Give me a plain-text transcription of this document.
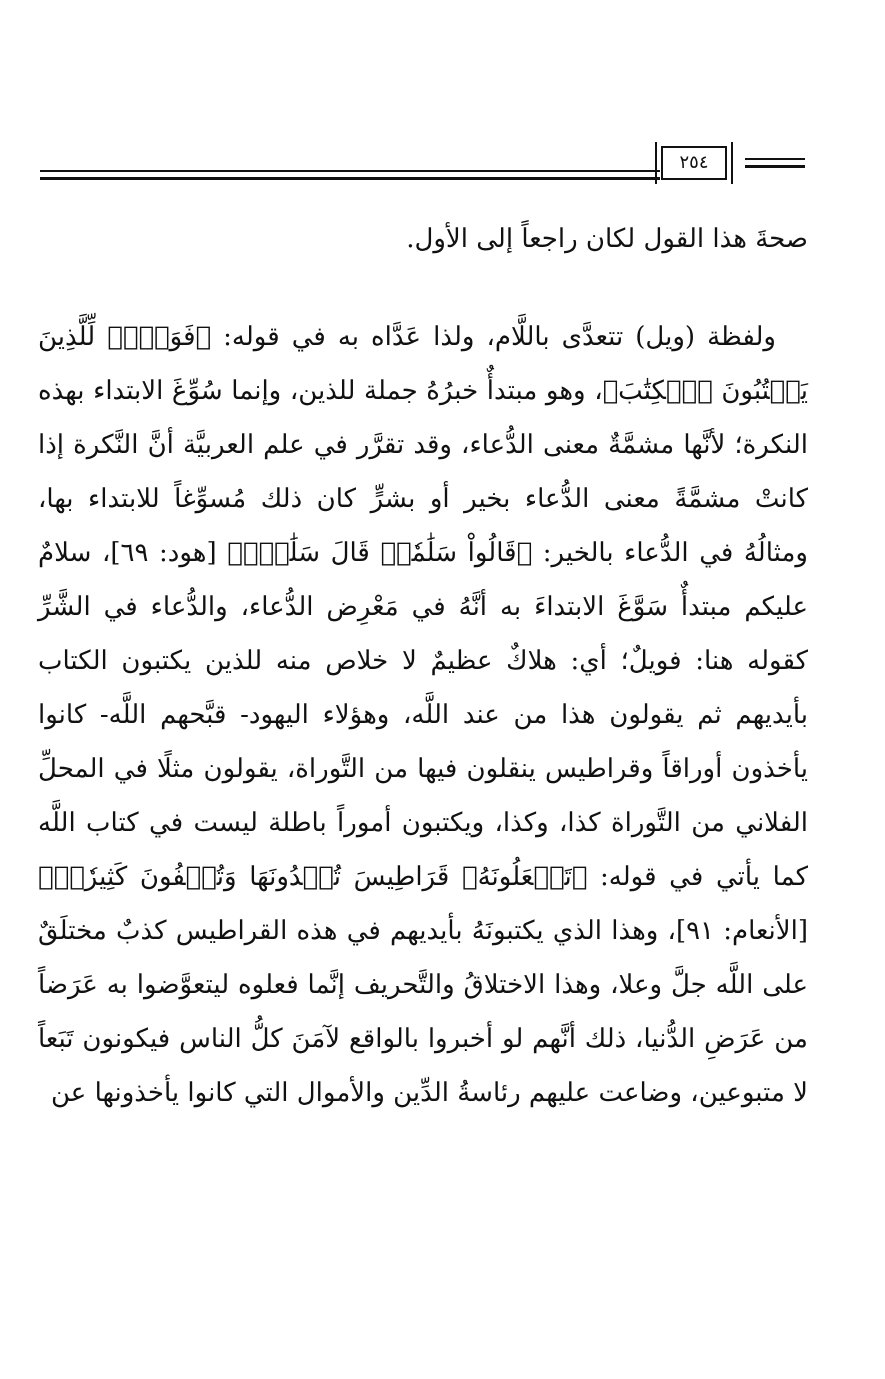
٢٥٤

صحةَ هذا القول لكان راجعاً إلى الأول.

ولفظة (ويل) تتعدَّى باللَّام، ولذا عَدَّاه به في قوله: ﴿فَوَيۡلٞ لِّلَّذِينَ يَكۡتُبُونَ ٱلۡكِتَٰبَ﴾، وهو مبتدأٌ خبرُهُ جملة للذين، وإنما سُوِّغَ الابتداء بهذه النكرة؛ لأنَّها مشمَّةٌ معنى الدُّعاء، وقد تقرَّر في علم العربيَّة أنَّ النَّكرة إذا كانتْ مشمَّةً معنى الدُّعاء بخير أو بشرٍّ كان ذلك مُسوِّغاً للابتداء بها، ومثالُهُ في الدُّعاء بالخير: ﴿قَالُواْ سَلَٰمٗاۖ قَالَ سَلَٰمٞۚ﴾ [هود: ٦٩]، سلامٌ عليكم مبتدأٌ سَوَّغَ الابتداءَ به أنَّهُ في مَعْرِض الدُّعاء، والدُّعاء في الشَّرِّ كقوله هنا: فويلٌ؛ أي: هلاكٌ عظيمٌ لا خلاص منه للذين يكتبون الكتاب بأيديهم ثم يقولون هذا من عند اللَّه، وهؤلاء اليهود- قبَّحهم اللَّه- كانوا يأخذون أوراقاً وقراطيس ينقلون فيها من التَّوراة، يقولون مثلًا في المحلِّ الفلاني من التَّوراة كذا، وكذا، ويكتبون أموراً باطلة ليست في كتاب اللَّه كما يأتي في قوله: ﴿تَجۡعَلُونَهُۥ قَرَاطِيسَ تُبۡدُونَهَا وَتُخۡفُونَ كَثِيرٗاۖ﴾ [الأنعام: ٩١]، وهذا الذي يكتبونَهُ بأيديهم في هذه القراطيس كذبٌ مختلَقٌ على اللَّه جلَّ وعلا، وهذا الاختلاقُ والتَّحريف إنَّما فعلوه ليتعوَّضوا به عَرَضاً من عَرَضِ الدُّنيا، ذلك أنَّهم لو أخبروا بالواقع لآمَنَ كلُّ الناس فيكونون تَبَعاً لا متبوعين، وضاعت عليهم رئاسةُ الدِّين والأموال التي كانوا يأخذونها عن
